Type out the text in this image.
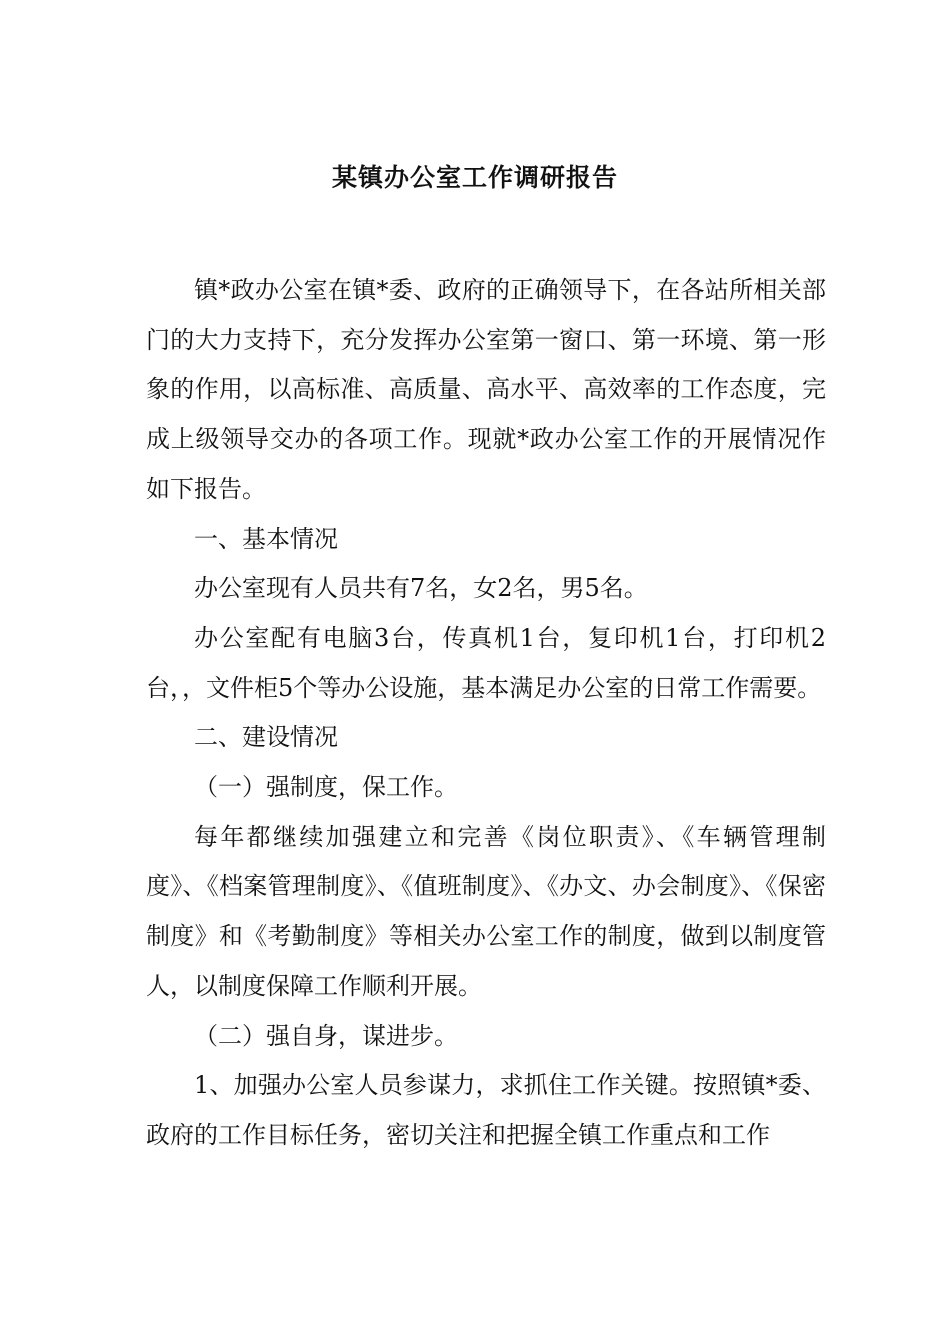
某镇办公室工作调研报告

镇*政办公室在镇*委、政府的正确领导下，在各站所相关部门的大力支持下，充分发挥办公室第一窗口、第一环境、第一形象的作用，以高标准、高质量、高水平、高效率的工作态度，完成上级领导交办的各项工作。现就*政办公室工作的开展情况作如下报告。

一、基本情况

办公室现有人员共有7名，女2名，男5名。

办公室配有电脑3台，传真机1台，复印机1台，打印机2台，，文件柜5个等办公设施，基本满足办公室的日常工作需要。

二、建设情况

（一）强制度，保工作。

每年都继续加强建立和完善《岗位职责》、《车辆管理制度》、《档案管理制度》、《值班制度》、《办文、办会制度》、《保密制度》和《考勤制度》等相关办公室工作的制度，做到以制度管人，以制度保障工作顺利开展。

（二）强自身，谋进步。

1、加强办公室人员参谋力，求抓住工作关键。按照镇*委、政府的工作目标任务，密切关注和把握全镇工作重点和工作
